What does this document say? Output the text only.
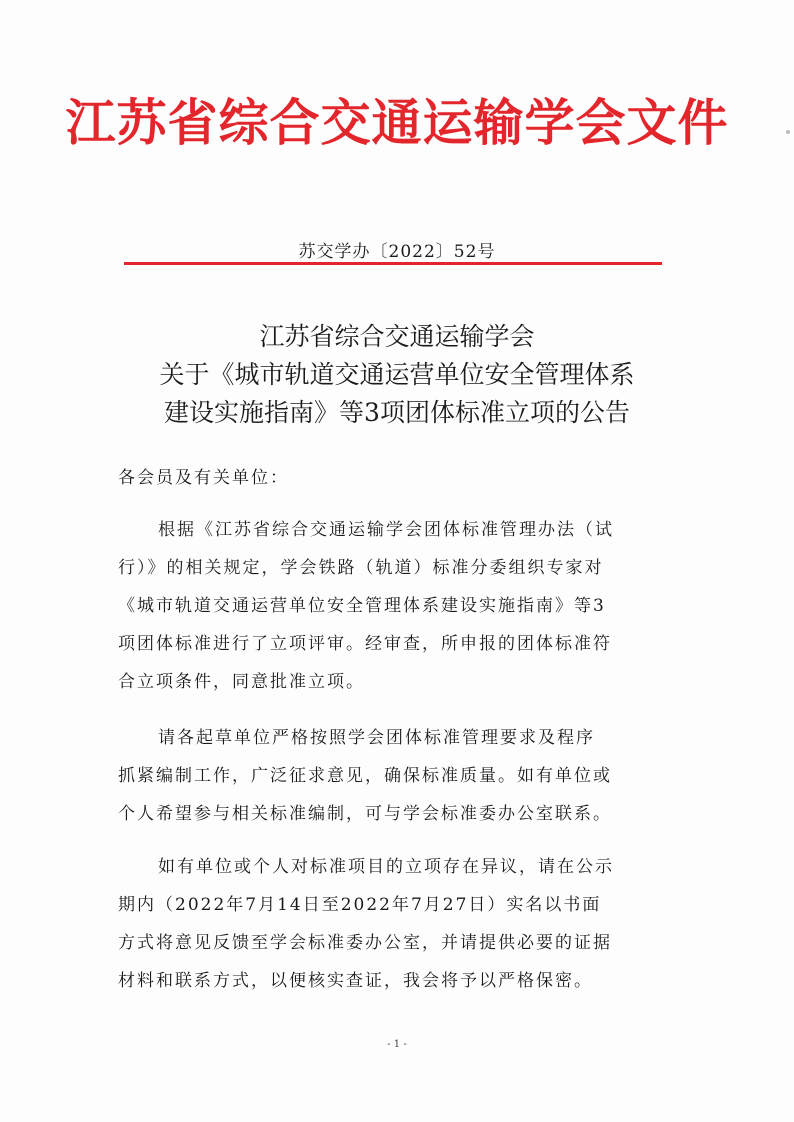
江苏省综合交通运输学会文件
苏交学办〔2022〕52号
江苏省综合交通运输学会
关于《城市轨道交通运营单位安全管理体系
建设实施指南》等3项团体标准立项的公告
各会员及有关单位：
根据《江苏省综合交通运输学会团体标准管理办法（试
行）》的相关规定，学会铁路（轨道）标准分委组织专家对
《城市轨道交通运营单位安全管理体系建设实施指南》等3
项团体标准进行了立项评审。经审查，所申报的团体标准符
合立项条件，同意批准立项。
请各起草单位严格按照学会团体标准管理要求及程序
抓紧编制工作，广泛征求意见，确保标准质量。如有单位或
个人希望参与相关标准编制，可与学会标准委办公室联系。
如有单位或个人对标准项目的立项存在异议，请在公示
期内（2022年7月14日至2022年7月27日）实名以书面
方式将意见反馈至学会标准委办公室，并请提供必要的证据
材料和联系方式，以便核实查证，我会将予以严格保密。
- 1 -
